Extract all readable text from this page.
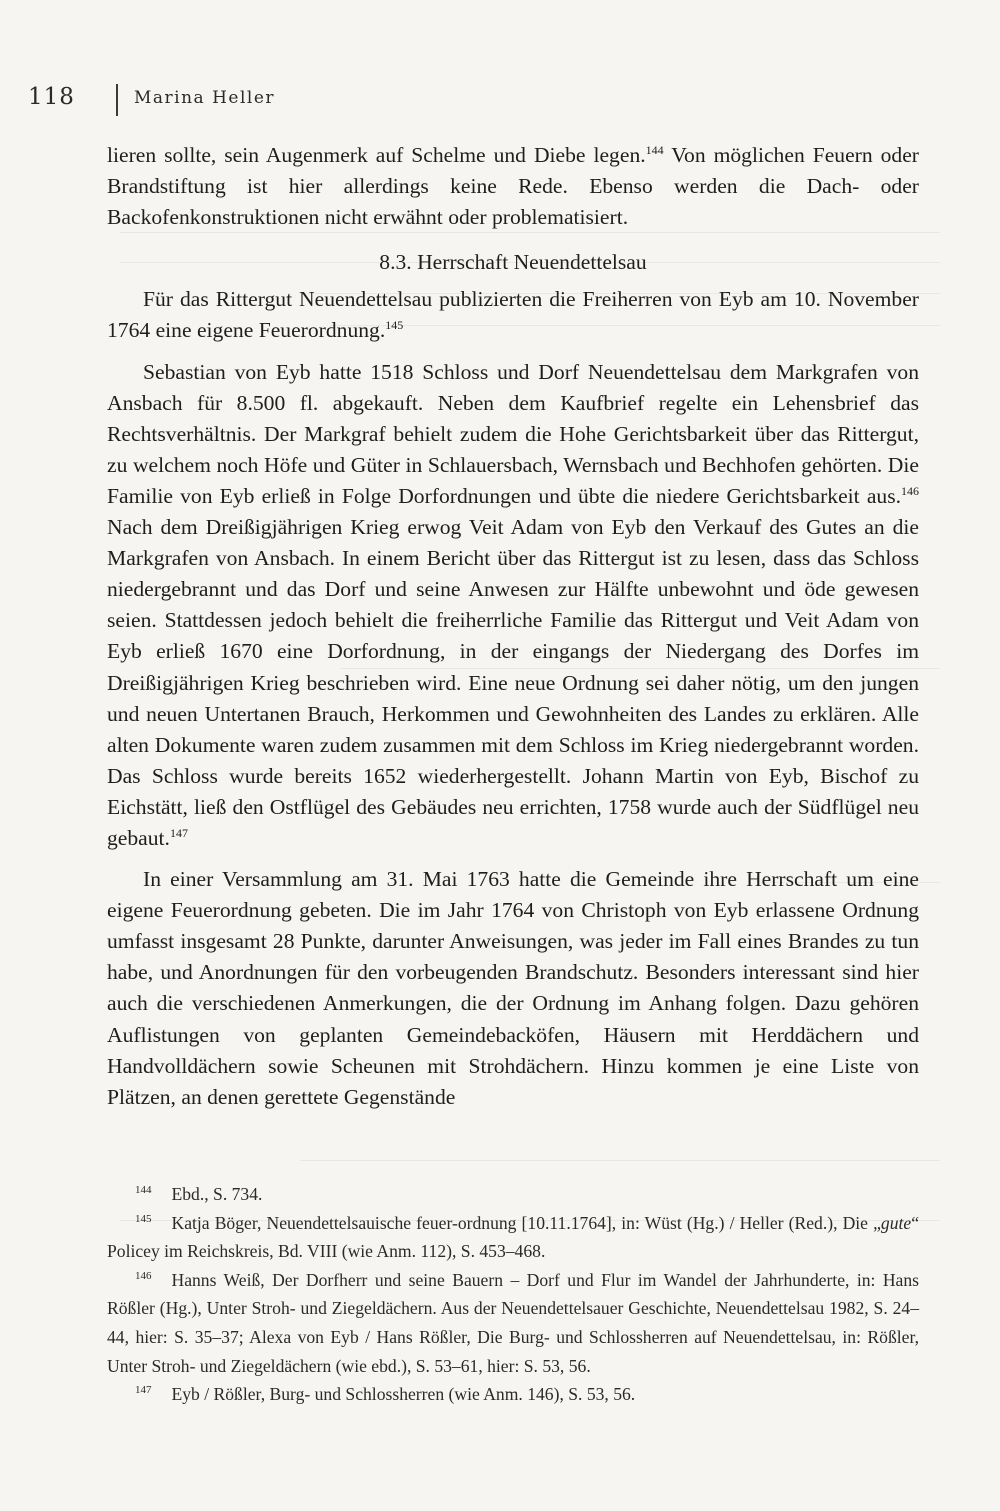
118	Marina Heller

lieren sollte, sein Augenmerk auf Schelme und Diebe legen.$^{144}$ Von möglichen Feuern oder Brandstiftung ist hier allerdings keine Rede. Ebenso werden die Dach- oder Backofenkonstruktionen nicht erwähnt oder problematisiert.

8.3. Herrschaft Neuendettelsau

Für das Rittergut Neuendettelsau publizierten die Freiherren von Eyb am 10. November 1764 eine eigene Feuerordnung.$^{145}$

Sebastian von Eyb hatte 1518 Schloss und Dorf Neuendettelsau dem Markgrafen von Ansbach für 8.500 fl. abgekauft. Neben dem Kaufbrief regelte ein Lehensbrief das Rechtsverhältnis. Der Markgraf behielt zudem die Hohe Gerichtsbarkeit über das Rittergut, zu welchem noch Höfe und Güter in Schlauersbach, Wernsbach und Bechhofen gehörten. Die Familie von Eyb erließ in Folge Dorfordnungen und übte die niedere Gerichtsbarkeit aus.$^{146}$ Nach dem Dreißigjährigen Krieg erwog Veit Adam von Eyb den Verkauf des Gutes an die Markgrafen von Ansbach. In einem Bericht über das Rittergut ist zu lesen, dass das Schloss niedergebrannt und das Dorf und seine Anwesen zur Hälfte unbewohnt und öde gewesen seien. Stattdessen jedoch behielt die freiherrliche Familie das Rittergut und Veit Adam von Eyb erließ 1670 eine Dorfordnung, in der eingangs der Niedergang des Dorfes im Dreißigjährigen Krieg beschrieben wird. Eine neue Ordnung sei daher nötig, um den jungen und neuen Untertanen Brauch, Herkommen und Gewohnheiten des Landes zu erklären. Alle alten Dokumente waren zudem zusammen mit dem Schloss im Krieg niedergebrannt worden. Das Schloss wurde bereits 1652 wiederhergestellt. Johann Martin von Eyb, Bischof zu Eichstätt, ließ den Ostflügel des Gebäudes neu errichten, 1758 wurde auch der Südflügel neu gebaut.$^{147}$

In einer Versammlung am 31. Mai 1763 hatte die Gemeinde ihre Herrschaft um eine eigene Feuerordnung gebeten. Die im Jahr 1764 von Christoph von Eyb erlassene Ordnung umfasst insgesamt 28 Punkte, darunter Anweisungen, was jeder im Fall eines Brandes zu tun habe, und Anordnungen für den vorbeugenden Brandschutz. Besonders interessant sind hier auch die verschiedenen Anmerkungen, die der Ordnung im Anhang folgen. Dazu gehören Auflistungen von geplanten Gemeindebacköfen, Häusern mit Herddächern und Handvolldächern sowie Scheunen mit Strohdächern. Hinzu kommen je eine Liste von Plätzen, an denen gerettete Gegenstände

$^{144}$ Ebd., S. 734.

$^{145}$ Katja Böger, Neuendettelsauische feuer-ordnung [10.11.1764], in: Wüst (Hg.) / Heller (Red.), Die „gute“ Policey im Reichskreis, Bd. VIII (wie Anm. 112), S. 453–468.

$^{146}$ Hanns Weiß, Der Dorfherr und seine Bauern – Dorf und Flur im Wandel der Jahrhunderte, in: Hans Rößler (Hg.), Unter Stroh- und Ziegeldächern. Aus der Neuendettelsauer Geschichte, Neuendettelsau 1982, S. 24–44, hier: S. 35–37; Alexa von Eyb / Hans Rößler, Die Burg- und Schlossherren auf Neuendettelsau, in: Rößler, Unter Stroh- und Ziegeldächern (wie ebd.), S. 53–61, hier: S. 53, 56.

$^{147}$ Eyb / Rößler, Burg- und Schlossherren (wie Anm. 146), S. 53, 56.
